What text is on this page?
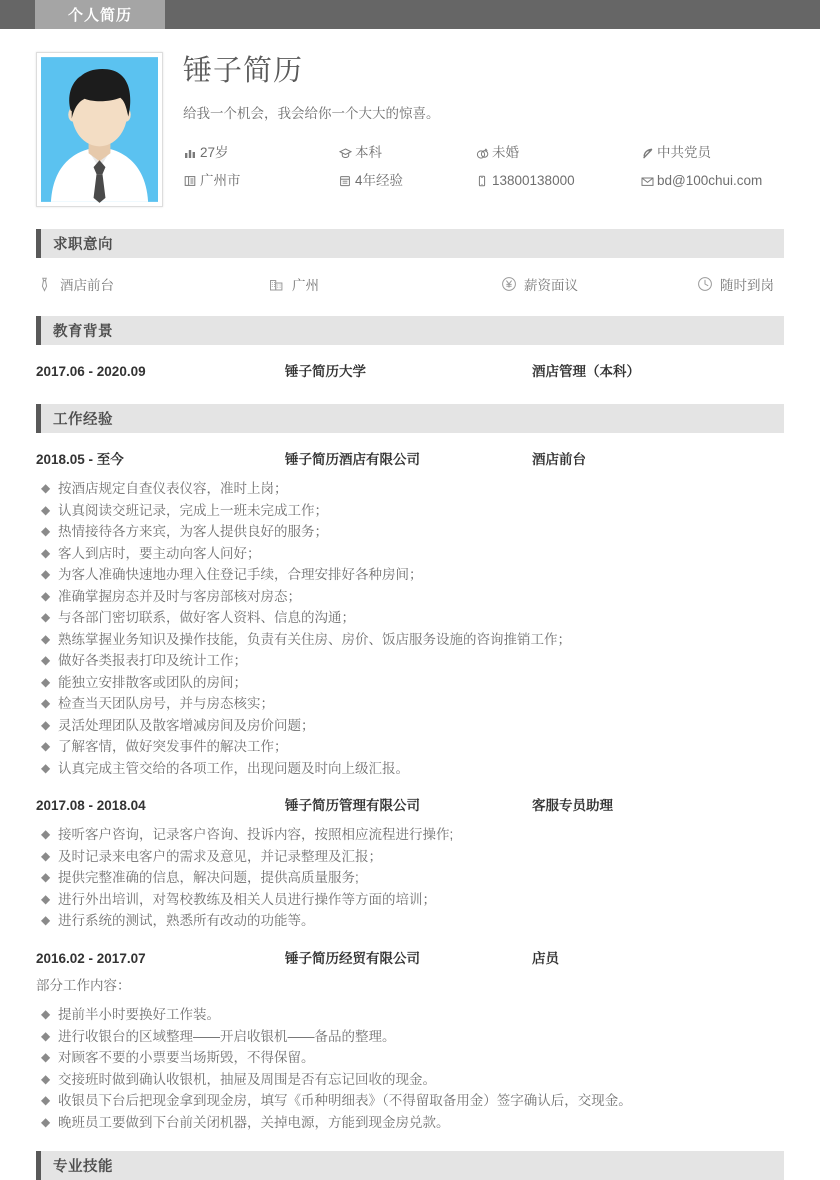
个人简历
锤子简历
给我一个机会，我会给你一个大大的惊喜。
27岁	本科	未婚	中共党员
广州市	4年经验	13800138000	bd@100chui.com
求职意向
酒店前台	广州	薪资面议	随时到岗
教育背景
2017.06 - 2020.09	锤子简历大学	酒店管理（本科）
工作经验
2018.05 - 至今	锤子简历酒店有限公司	酒店前台
◆ 按酒店规定自查仪表仪容，准时上岗；
◆ 认真阅读交班记录，完成上一班未完成工作；
◆ 热情接待各方来宾，为客人提供良好的服务；
◆ 客人到店时，要主动向客人问好；
◆ 为客人准确快速地办理入住登记手续，合理安排好各种房间；
◆ 准确掌握房态并及时与客房部核对房态；
◆ 与各部门密切联系，做好客人资料、信息的沟通；
◆ 熟练掌握业务知识及操作技能，负责有关住房、房价、饭店服务设施的咨询推销工作；
◆ 做好各类报表打印及统计工作；
◆ 能独立安排散客或团队的房间；
◆ 检查当天团队房号，并与房态核实；
◆ 灵活处理团队及散客增减房间及房价问题；
◆ 了解客情，做好突发事件的解决工作；
◆ 认真完成主管交给的各项工作，出现问题及时向上级汇报。
2017.08 - 2018.04	锤子简历管理有限公司	客服专员助理
◆ 接听客户咨询，记录客户咨询、投诉内容，按照相应流程进行操作;
◆ 及时记录来电客户的需求及意见，并记录整理及汇报；
◆ 提供完整准确的信息，解决问题，提供高质量服务;
◆ 进行外出培训，对驾校教练及相关人员进行操作等方面的培训；
◆ 进行系统的测试，熟悉所有改动的功能等。
2016.02 - 2017.07	锤子简历经贸有限公司	店员
部分工作内容：
◆ 提前半小时要换好工作装。
◆ 进行收银台的区域整理——开启收银机——备品的整理。
◆ 对顾客不要的小票要当场斯毁，不得保留。
◆ 交接班时做到确认收银机，抽屉及周围是否有忘记回收的现金。
◆ 收银员下台后把现金拿到现金房，填写《币种明细表》（不得留取备用金）签字确认后，交现金。
◆ 晚班员工要做到下台前关闭机器，关掉电源，方能到现金房兑款。
专业技能
